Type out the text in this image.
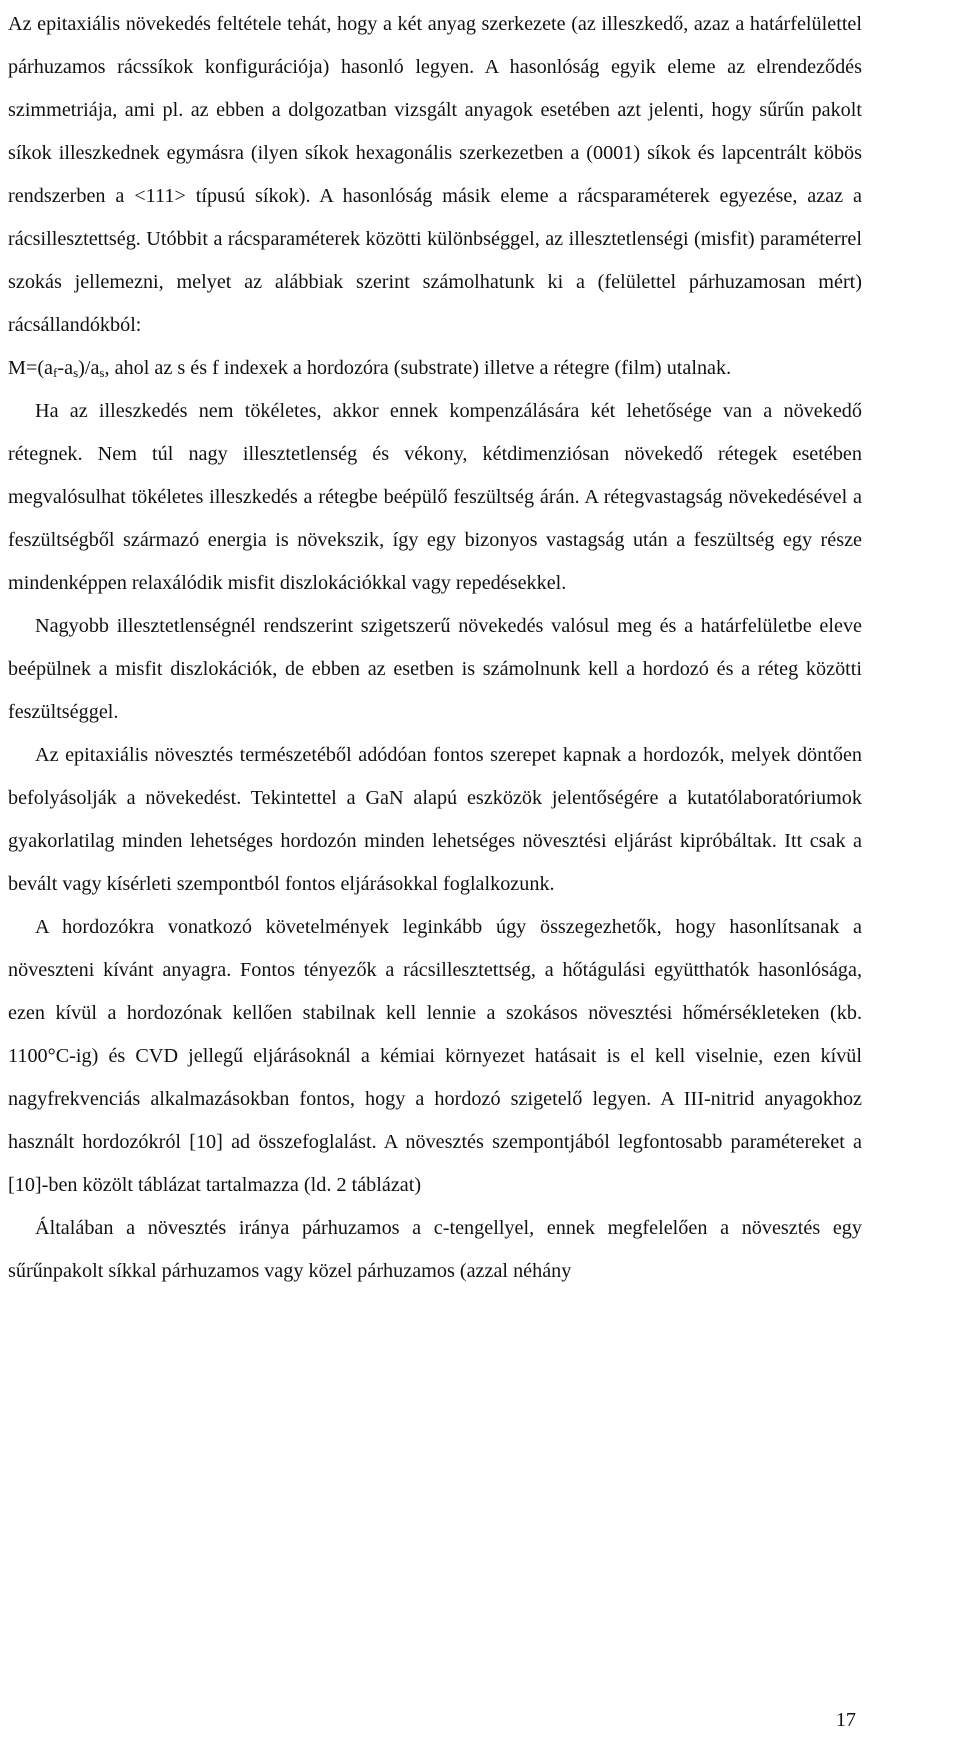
Az epitaxiális növekedés feltétele tehát, hogy a két anyag szerkezete (az illeszkedő, azaz a határfelülettel párhuzamos rácssíkok konfigurációja) hasonló legyen. A hasonlóság egyik eleme az elrendeződés szimmetriája, ami pl. az ebben a dolgozatban vizsgált anyagok esetében azt jelenti, hogy sűrűn pakolt síkok illeszkednek egymásra (ilyen síkok hexagonális szerkezetben a (0001) síkok és lapcentrált köbös rendszerben a <111> típusú síkok). A hasonlóság másik eleme a rácsparaméterek egyezése, azaz a rácsillesztettség. Utóbbit a rácsparaméterek közötti különbséggel, az illesztetlenségi (misfit) paraméterrel szokás jellemezni, melyet az alábbiak szerint számolhatunk ki a (felülettel párhuzamosan mért) rácsállandókból:

$M=(a_f-a_s)/a_s$, ahol az s és f indexek a hordozóra (substrate) illetve a rétegre (film) utalnak.

Ha az illeszkedés nem tökéletes, akkor ennek kompenzálására két lehetősége van a növekedő rétegnek. Nem túl nagy illesztetlenség és vékony, kétdimenziósan növekedő rétegek esetében megvalósulhat tökéletes illeszkedés a rétegbe beépülő feszültség árán. A rétegvastagság növekedésével a feszültségből származó energia is növekszik, így egy bizonyos vastagság után a feszültség egy része mindenképpen relaxálódik misfit diszlokációkkal vagy repedésekkel.

Nagyobb illesztetlenségnél rendszerint szigetszerű növekedés valósul meg és a határfelületbe eleve beépülnek a misfit diszlokációk, de ebben az esetben is számolnunk kell a hordozó és a réteg közötti feszültséggel.

Az epitaxiális növesztés természetéből adódóan fontos szerepet kapnak a hordozók, melyek döntően befolyásolják a növekedést. Tekintettel a GaN alapú eszközök jelentőségére a kutatólaboratóriumok gyakorlatilag minden lehetséges hordozón minden lehetséges növesztési eljárást kipróbáltak. Itt csak a bevált vagy kísérleti szempontból fontos eljárásokkal foglalkozunk.

A hordozókra vonatkozó követelmények leginkább úgy összegezhetők, hogy hasonlítsanak a növeszteni kívánt anyagra. Fontos tényezők a rácsillesztettség, a hőtágulási együtthatók hasonlósága, ezen kívül a hordozónak kellően stabilnak kell lennie a szokásos növesztési hőmérsékleteken (kb. 1100°C-ig) és CVD jellegű eljárásoknál a kémiai környezet hatásait is el kell viselnie, ezen kívül nagyfrekvenciás alkalmazásokban fontos, hogy a hordozó szigetelő legyen. A III-nitrid anyagokhoz használt hordozókról [10] ad összefoglalást. A növesztés szempontjából legfontosabb paramétereket a [10]-ben közölt táblázat tartalmazza (ld. 2 táblázat)

Általában a növesztés iránya párhuzamos a c-tengellyel, ennek megfelelően a növesztés egy sűrűnpakolt síkkal párhuzamos vagy közel párhuzamos (azzal néhány

17
